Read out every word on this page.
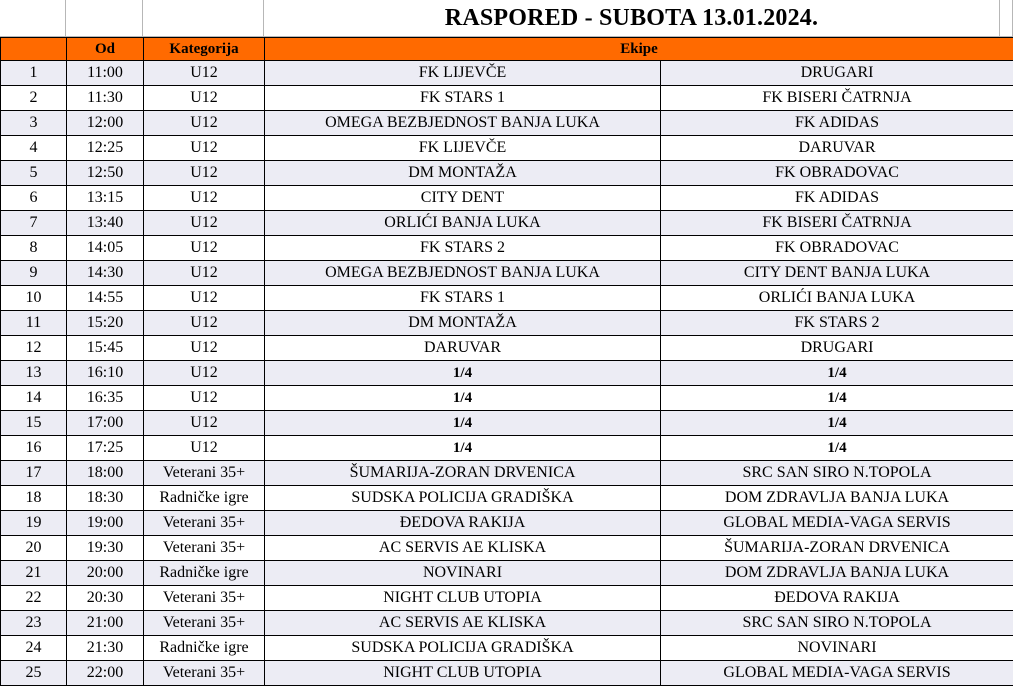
RASPORED - SUBOTA 13.01.2024.
	Od	Kategorija	Ekipe	
1	11:00	U12	FK LIJEVČE	DRUGARI
2	11:30	U12	FK STARS 1	FK BISERI ČATRNJA
3	12:00	U12	OMEGA BEZBJEDNOST BANJA LUKA	FK ADIDAS
4	12:25	U12	FK LIJEVČE	DARUVAR
5	12:50	U12	DM MONTAŽA	FK OBRADOVAC
6	13:15	U12	CITY DENT	FK ADIDAS
7	13:40	U12	ORLIĆI BANJA LUKA	FK BISERI ČATRNJA
8	14:05	U12	FK STARS 2	FK OBRADOVAC
9	14:30	U12	OMEGA BEZBJEDNOST BANJA LUKA	CITY DENT BANJA LUKA
10	14:55	U12	FK STARS 1	ORLIĆI BANJA LUKA
11	15:20	U12	DM MONTAŽA	FK STARS 2
12	15:45	U12	DARUVAR	DRUGARI
13	16:10	U12	1/4	1/4
14	16:35	U12	1/4	1/4
15	17:00	U12	1/4	1/4
16	17:25	U12	1/4	1/4
17	18:00	Veterani 35+	ŠUMARIJA-ZORAN DRVENICA	SRC SAN SIRO N.TOPOLA
18	18:30	Radničke igre	SUDSKA POLICIJA GRADIŠKA	DOM ZDRAVLJA BANJA LUKA
19	19:00	Veterani 35+	ĐEDOVA RAKIJA	GLOBAL MEDIA-VAGA SERVIS
20	19:30	Veterani 35+	AC SERVIS AE KLISKA	ŠUMARIJA-ZORAN DRVENICA
21	20:00	Radničke igre	NOVINARI	DOM ZDRAVLJA BANJA LUKA
22	20:30	Veterani 35+	NIGHT CLUB UTOPIA	ĐEDOVA RAKIJA
23	21:00	Veterani 35+	AC SERVIS AE KLISKA	SRC SAN SIRO N.TOPOLA
24	21:30	Radničke igre	SUDSKA POLICIJA GRADIŠKA	NOVINARI
25	22:00	Veterani 35+	NIGHT CLUB UTOPIA	GLOBAL MEDIA-VAGA SERVIS
